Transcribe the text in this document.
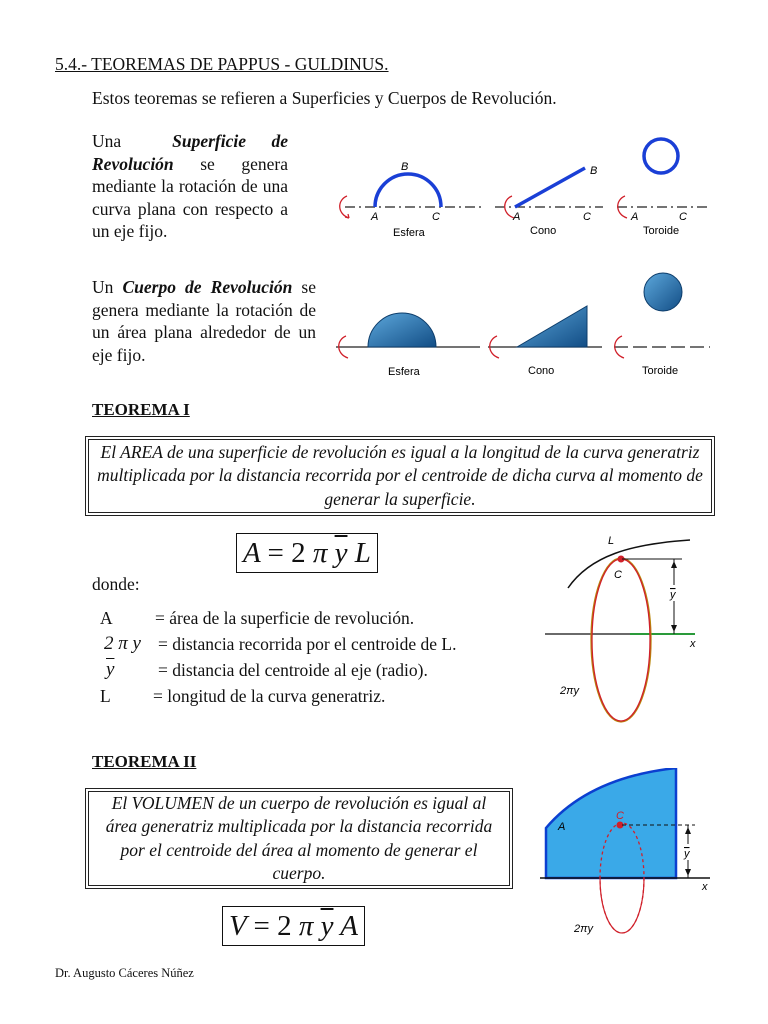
5.4.- TEOREMAS DE PAPPUS - GULDINUS.
Estos teoremas se refieren a Superficies y Cuerpos de Revolución.
Una	Superficie de Revolución se genera mediante la rotación de una curva plana con respecto a un eje fijo.
A
B
C
Esfera
A
B
C
Cono
A	C
Toroide
Un Cuerpo de Revolución se genera mediante la rotación de un área plana alrededor de un eje fijo.
Esfera	Cono	Toroide
TEOREMA I
El AREA de una superficie de revolución es igual a la longitud de la curva generatriz multiplicada por la distancia recorrida por el centroide de dicha curva al momento de generar la superficie.
A = 2 π $\overline{y}$ L
donde:
A = área de la superficie de revolución.
2 π y = distancia recorrida por el centroide de L.
$\overline{y}$ = distancia del centroide al eje (radio).
L = longitud de la curva generatriz.
L
x
C
y
2πy
TEOREMA II
El VOLUMEN de un cuerpo de revolución es igual al área generatriz multiplicada por la distancia recorrida por el centroide del área al momento de generar el cuerpo.
V = 2 π $\overline{y}$ A
x
A
C
y
2πy
Dr. Augusto Cáceres Núñez
